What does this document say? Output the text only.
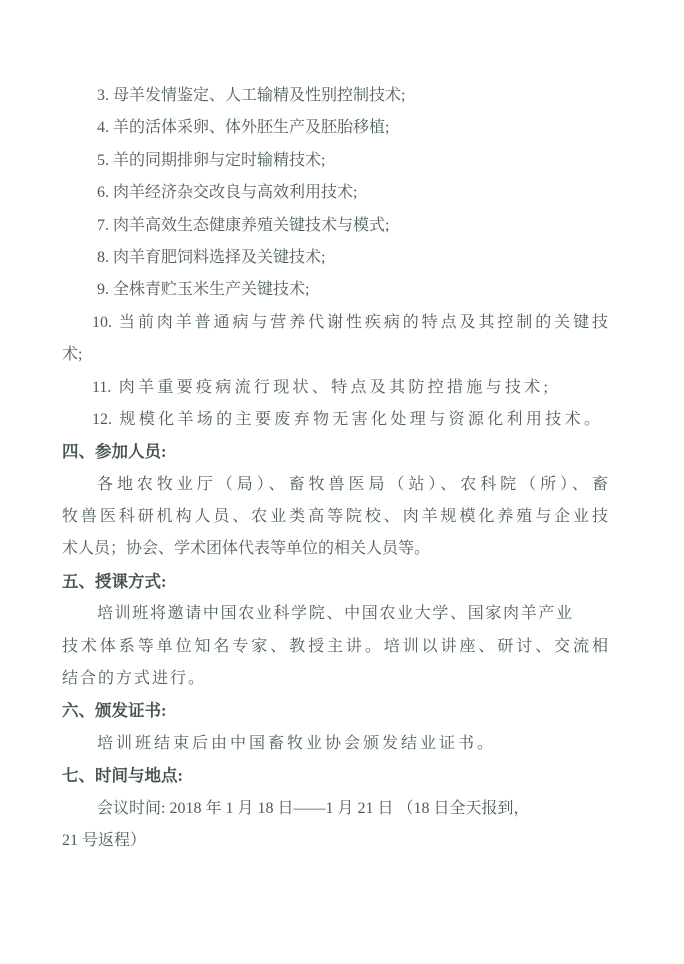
3. 母羊发情鉴定、人工输精及性别控制技术;
4. 羊的活体采卵、体外胚生产及胚胎移植;
5. 羊的同期排卵与定时输精技术;
6. 肉羊经济杂交改良与高效利用技术;
7. 肉羊高效生态健康养殖关键技术与模式;
8. 肉羊育肥饲料选择及关键技术;
9. 全株青贮玉米生产关键技术;
10. 当前肉羊普通病与营养代谢性疾病的特点及其控制的关键技
术;
11. 肉羊重要疫病流行现状、特点及其防控措施与技术;
12. 规模化羊场的主要废弃物无害化处理与资源化利用技术。
四、参加人员:
各地农牧业厅（局）、畜牧兽医局（站）、农科院（所）、畜
牧兽医科研机构人员、农业类高等院校、肉羊规模化养殖与企业技
术人员；协会、学术团体代表等单位的相关人员等。
五、授课方式:
培训班将邀请中国农业科学院、中国农业大学、国家肉羊产业
技术体系等单位知名专家、教授主讲。培训以讲座、研讨、交流相
结合的方式进行。
六、颁发证书:
培训班结束后由中国畜牧业协会颁发结业证书。
七、时间与地点:
会议时间: 2018 年 1 月 18 日——1 月 21 日 （18 日全天报到，
21 号返程）
